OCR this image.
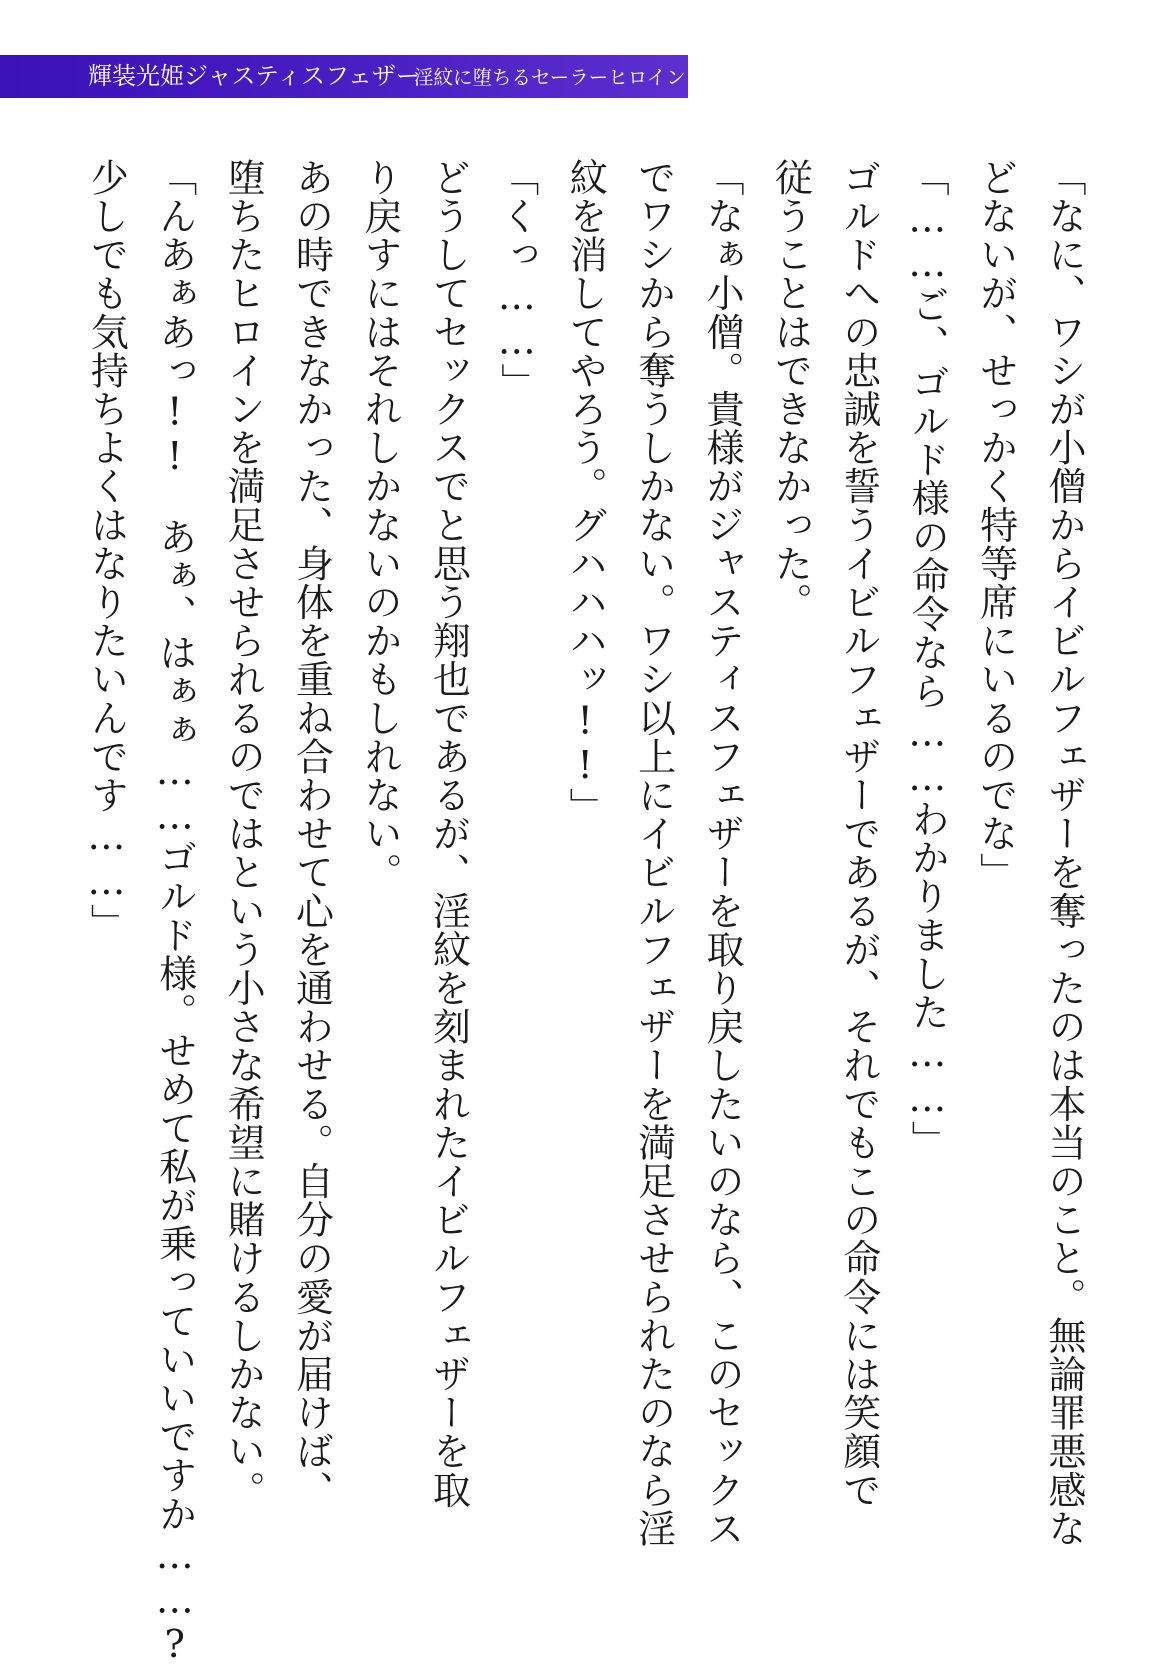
輝装光姫ジャスティスフェザー
淫紋に堕ちるセーラーヒロイン
「なに、ワシが小僧からイビルフェザーを奪ったのは本当のこと。無論罪悪感な
どないが、せっかく特等席にいるのでな」
「……ご、ゴルド様の命令なら……わかりました……」
ゴルドへの忠誠を誓うイビルフェザーであるが、それでもこの命令には笑顔で
従うことはできなかった。
「なぁ小僧。貴様がジャスティスフェザーを取り戻したいのなら、このセックス
でワシから奪うしかない。ワシ以上にイビルフェザーを満足させられたのなら淫
紋を消してやろう。グハハハッ!!」
「くっ……」
どうしてセックスでと思う翔也であるが、淫紋を刻まれたイビルフェザーを取
り戻すにはそれしかないのかもしれない。
あの時できなかった、身体を重ね合わせて心を通わせる。自分の愛が届けば、
堕ちたヒロインを満足させられるのではという小さな希望に賭けるしかない。
「んあぁあっ!!　あぁ、はぁぁ……ゴルド様。せめて私が乗っていいですか……?
少しでも気持ちよくはなりたいんです……」
